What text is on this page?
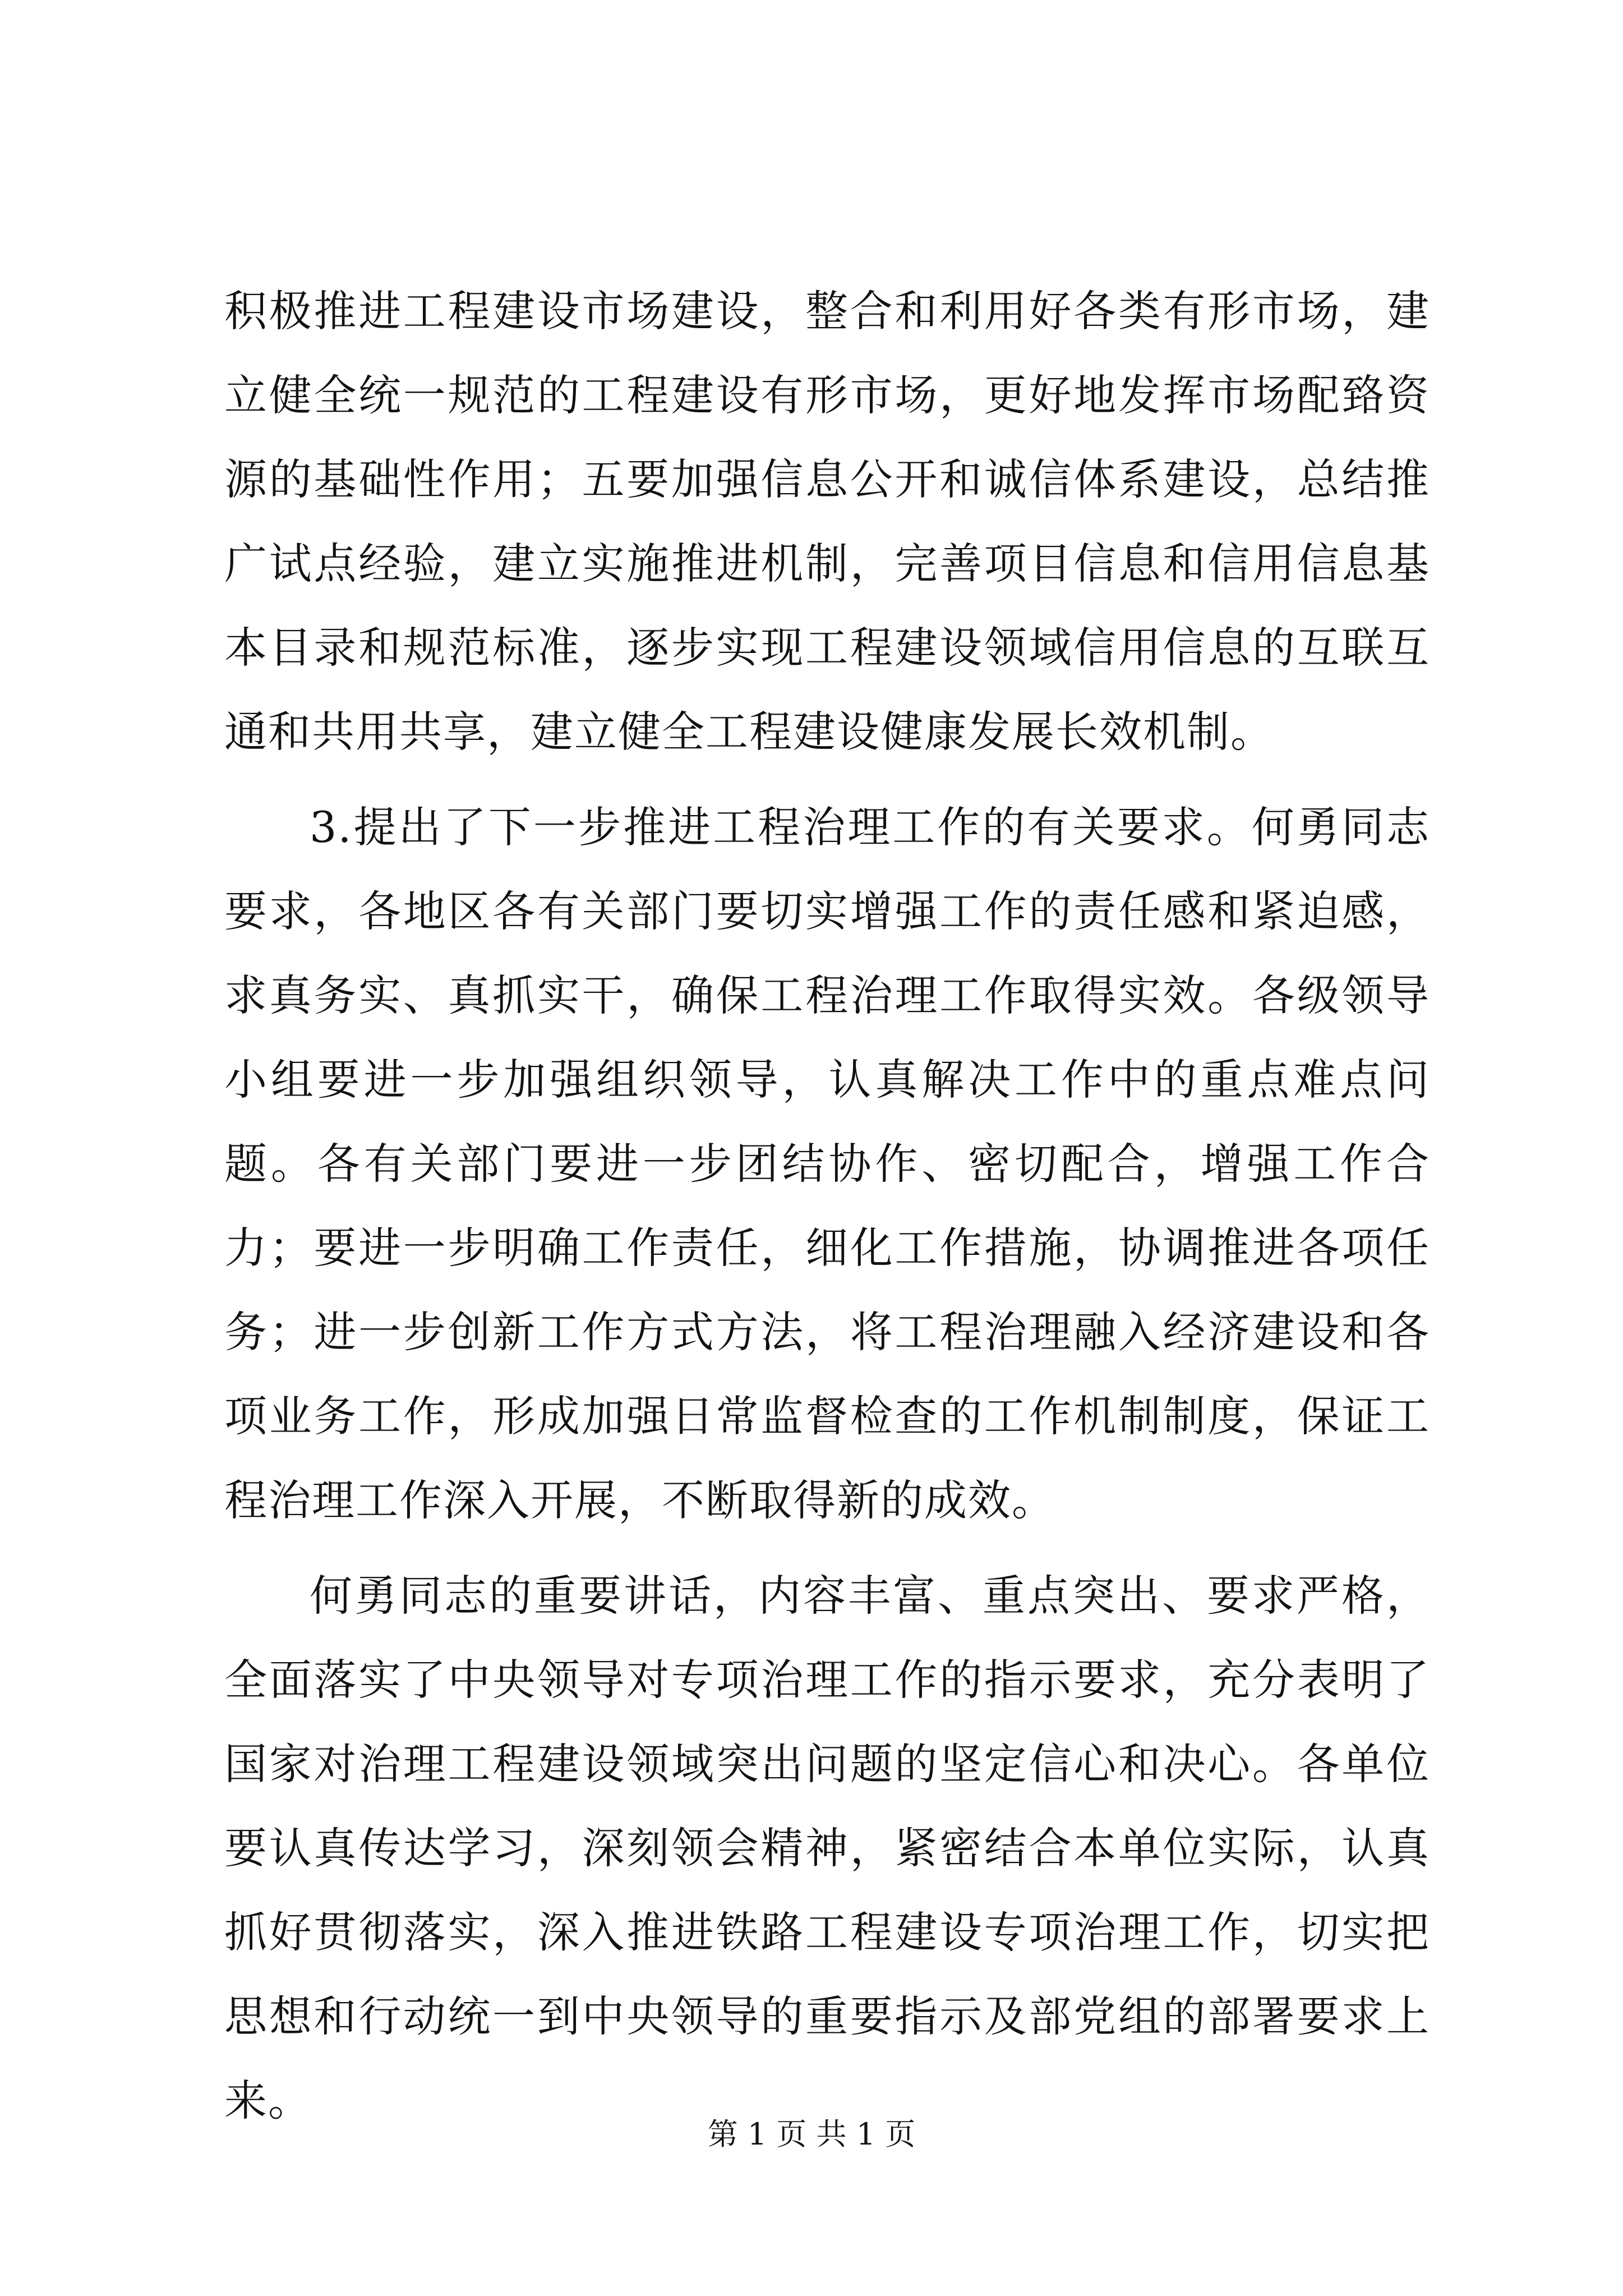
积极推进工程建设市场建设，整合和利用好各类有形市场，建立健全统一规范的工程建设有形市场，更好地发挥市场配臵资源的基础性作用；五要加强信息公开和诚信体系建设，总结推广试点经验，建立实施推进机制，完善项目信息和信用信息基本目录和规范标准，逐步实现工程建设领域信用信息的互联互通和共用共享，建立健全工程建设健康发展长效机制。

3.提出了下一步推进工程治理工作的有关要求。何勇同志要求，各地区各有关部门要切实增强工作的责任感和紧迫感，求真务实、真抓实干，确保工程治理工作取得实效。各级领导小组要进一步加强组织领导，认真解决工作中的重点难点问题。各有关部门要进一步团结协作、密切配合，增强工作合力；要进一步明确工作责任，细化工作措施，协调推进各项任务；进一步创新工作方式方法，将工程治理融入经济建设和各项业务工作，形成加强日常监督检查的工作机制制度，保证工程治理工作深入开展，不断取得新的成效。

何勇同志的重要讲话，内容丰富、重点突出、要求严格，全面落实了中央领导对专项治理工作的指示要求，充分表明了国家对治理工程建设领域突出问题的坚定信心和决心。各单位要认真传达学习，深刻领会精神，紧密结合本单位实际，认真抓好贯彻落实，深入推进铁路工程建设专项治理工作，切实把思想和行动统一到中央领导的重要指示及部党组的部署要求上来。

第 1 页 共 1 页
